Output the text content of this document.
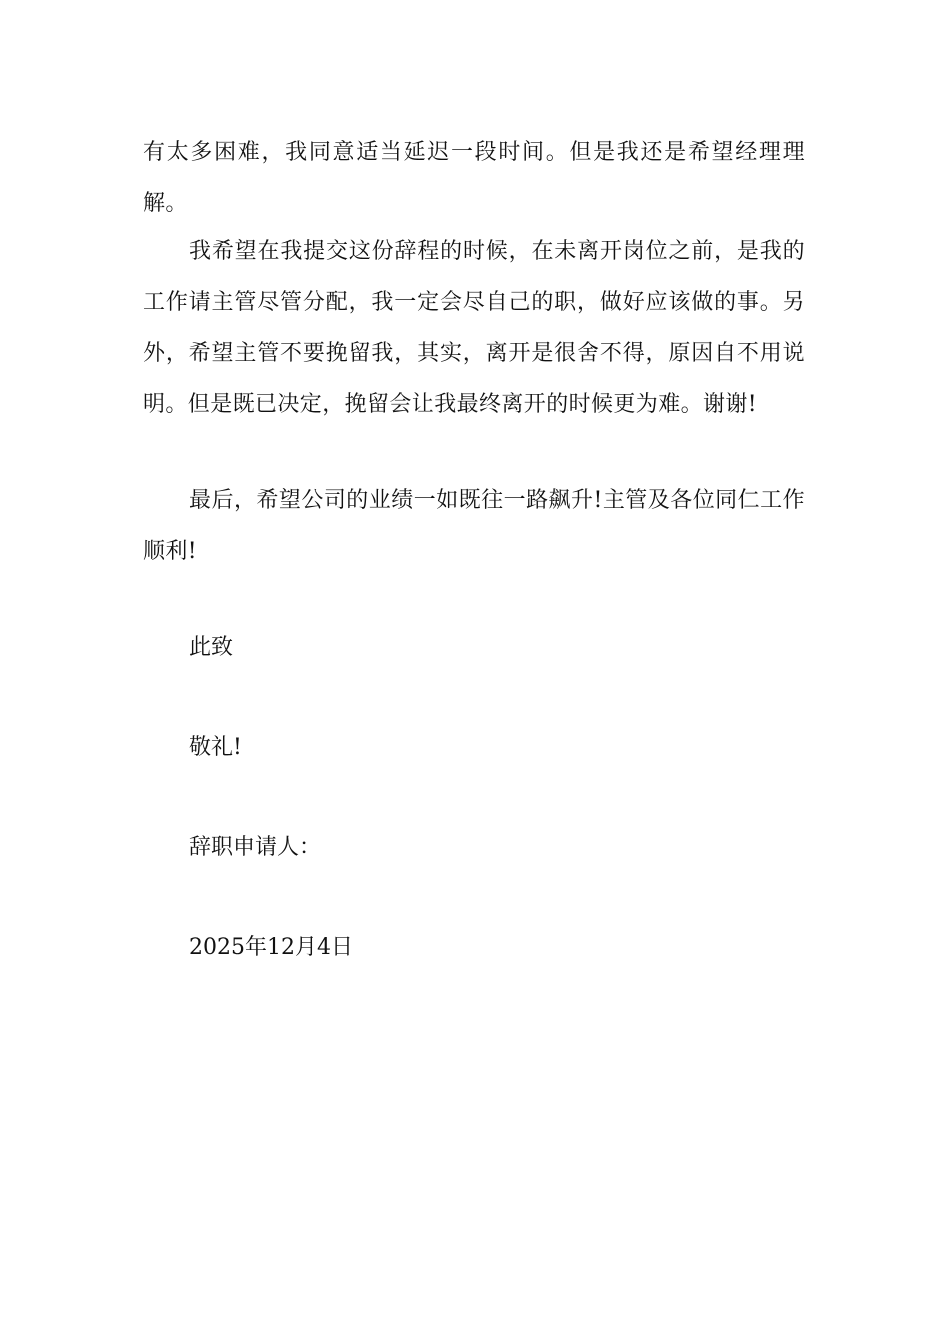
有太多困难，我同意适当延迟一段时间。但是我还是希望经理理解。

我希望在我提交这份辞程的时候，在未离开岗位之前，是我的工作请主管尽管分配，我一定会尽自己的职，做好应该做的事。另外，希望主管不要挽留我，其实，离开是很舍不得，原因自不用说明。但是既已决定，挽留会让我最终离开的时候更为难。谢谢!

最后，希望公司的业绩一如既往一路飙升!主管及各位同仁工作顺利!

此致

敬礼!

辞职申请人：

2025年12月4日
